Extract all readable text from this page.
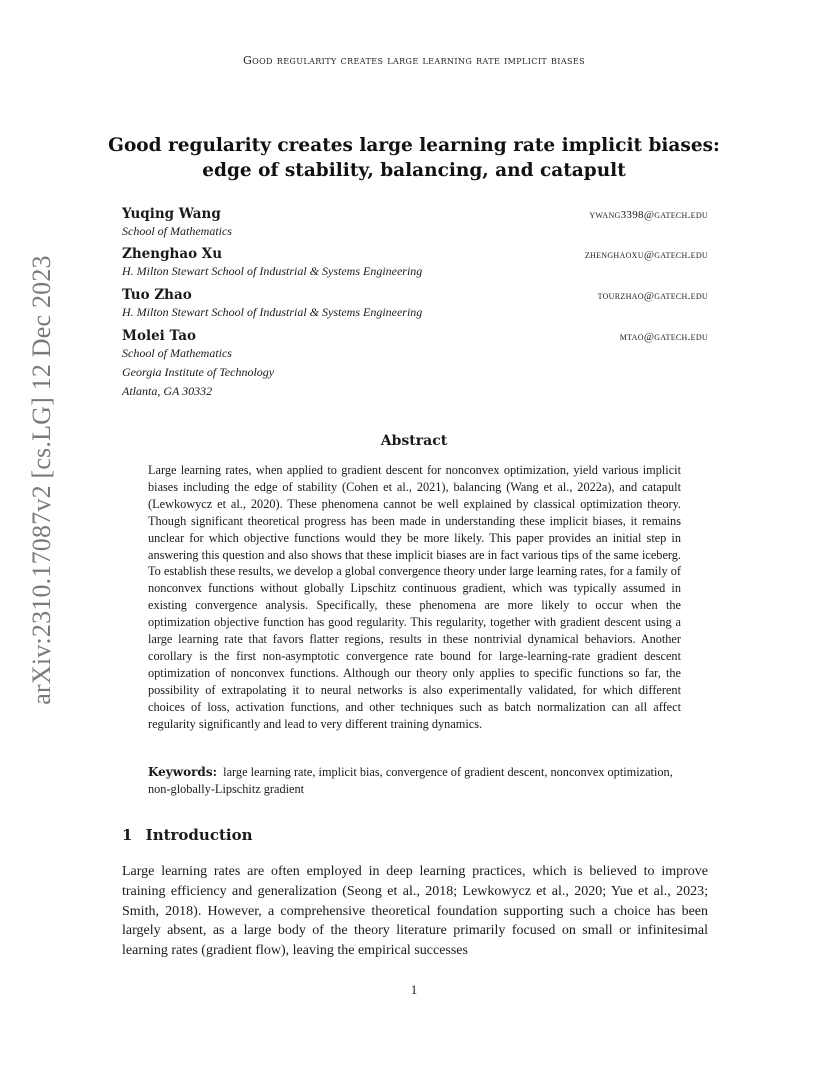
Good regularity creates large learning rate implicit biases
arXiv:2310.17087v2 [cs.LG] 12 Dec 2023
Good regularity creates large learning rate implicit biases:
edge of stability, balancing, and catapult
Yuqing Wang	ywang3398@gatech.edu
School of Mathematics
Zhenghao Xu	zhenghaoxu@gatech.edu
H. Milton Stewart School of Industrial & Systems Engineering
Tuo Zhao	tourzhao@gatech.edu
H. Milton Stewart School of Industrial & Systems Engineering
Molei Tao	mtao@gatech.edu
School of Mathematics
Georgia Institute of Technology
Atlanta, GA 30332
Abstract

Large learning rates, when applied to gradient descent for nonconvex optimization, yield various implicit biases including the edge of stability (Cohen et al., 2021), balancing (Wang et al., 2022a), and catapult (Lewkowycz et al., 2020). These phenomena cannot be well explained by classical optimization theory. Though significant theoretical progress has been made in understanding these implicit biases, it remains unclear for which objective functions would they be more likely. This paper provides an initial step in answering this question and also shows that these implicit biases are in fact various tips of the same iceberg. To establish these results, we develop a global convergence theory under large learning rates, for a family of nonconvex functions without globally Lipschitz continuous gradient, which was typically assumed in existing convergence analysis. Specifically, these phenomena are more likely to occur when the optimization objective function has good regularity. This regularity, together with gradient descent using a large learning rate that favors flatter regions, results in these nontrivial dynamical behaviors. Another corollary is the first non-asymptotic convergence rate bound for large-learning-rate gradient descent optimization of nonconvex functions. Although our theory only applies to specific functions so far, the possibility of extrapolating it to neural networks is also experimentally validated, for which different choices of loss, activation functions, and other techniques such as batch normalization can all affect regularity significantly and lead to very different training dynamics.

Keywords: large learning rate, implicit bias, convergence of gradient descent, nonconvex optimization, non-globally-Lipschitz gradient

1 Introduction

Large learning rates are often employed in deep learning practices, which is believed to improve training efficiency and generalization (Seong et al., 2018; Lewkowycz et al., 2020; Yue et al., 2023; Smith, 2018). However, a comprehensive theoretical foundation supporting such a choice has been largely absent, as a large body of the theory literature primarily focused on small or infinitesimal learning rates (gradient flow), leaving the empirical successes

1
